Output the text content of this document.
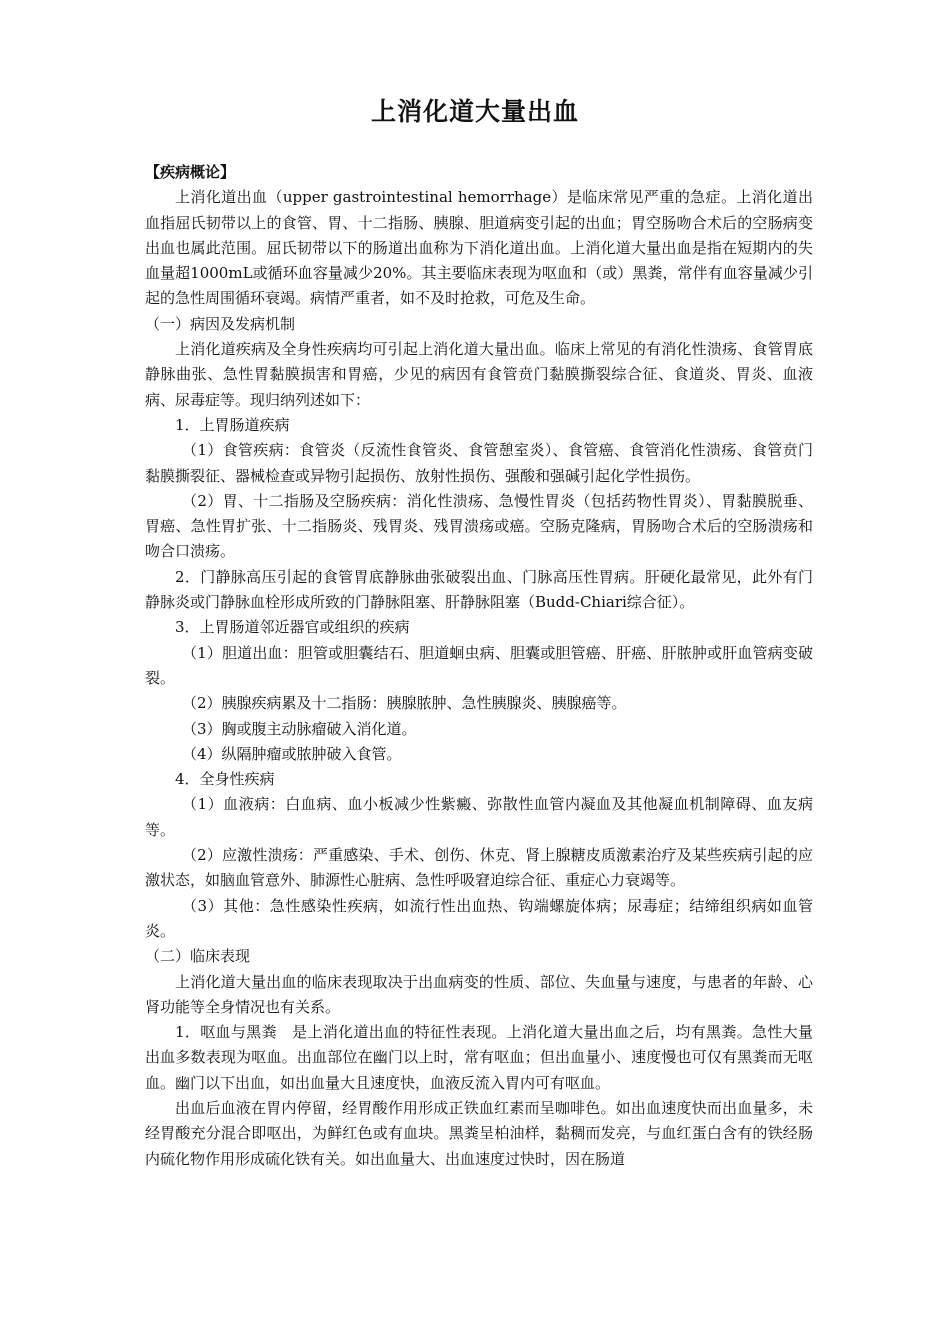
上消化道大量出血

【疾病概论】

上消化道出血（upper gastrointestinal hemorrhage）是临床常见严重的急症。上消化道出血指屈氏韧带以上的食管、胃、十二指肠、胰腺、胆道病变引起的出血；胃空肠吻合术后的空肠病变出血也属此范围。屈氏韧带以下的肠道出血称为下消化道出血。上消化道大量出血是指在短期内的失血量超1000mL或循环血容量减少20%。其主要临床表现为呕血和（或）黑粪，常伴有血容量减少引起的急性周围循环衰竭。病情严重者，如不及时抢救，可危及生命。

（一）病因及发病机制

上消化道疾病及全身性疾病均可引起上消化道大量出血。临床上常见的有消化性溃疡、食管胃底静脉曲张、急性胃黏膜损害和胃癌，少见的病因有食管贲门黏膜撕裂综合征、食道炎、胃炎、血液病、尿毒症等。现归纳列述如下：

1．上胃肠道疾病

（1）食管疾病：食管炎（反流性食管炎、食管憩室炎）、食管癌、食管消化性溃疡、食管贲门黏膜撕裂征、器械检查或异物引起损伤、放射性损伤、强酸和强碱引起化学性损伤。

（2）胃、十二指肠及空肠疾病：消化性溃疡、急慢性胃炎（包括药物性胃炎）、胃黏膜脱垂、胃癌、急性胃扩张、十二指肠炎、残胃炎、残胃溃疡或癌。空肠克隆病，胃肠吻合术后的空肠溃疡和吻合口溃疡。

2．门静脉高压引起的食管胃底静脉曲张破裂出血、门脉高压性胃病。肝硬化最常见，此外有门静脉炎或门静脉血栓形成所致的门静脉阻塞、肝静脉阻塞（Budd-Chiari综合征）。

3．上胃肠道邻近器官或组织的疾病

（1）胆道出血：胆管或胆囊结石、胆道蛔虫病、胆囊或胆管癌、肝癌、肝脓肿或肝血管病变破裂。

（2）胰腺疾病累及十二指肠：胰腺脓肿、急性胰腺炎、胰腺癌等。

（3）胸或腹主动脉瘤破入消化道。

（4）纵隔肿瘤或脓肿破入食管。

4．全身性疾病

（1）血液病：白血病、血小板减少性紫癜、弥散性血管内凝血及其他凝血机制障碍、血友病等。

（2）应激性溃疡：严重感染、手术、创伤、休克、肾上腺糖皮质激素治疗及某些疾病引起的应激状态，如脑血管意外、肺源性心脏病、急性呼吸窘迫综合征、重症心力衰竭等。

（3）其他：急性感染性疾病，如流行性出血热、钩端螺旋体病；尿毒症；结缔组织病如血管炎。

（二）临床表现

上消化道大量出血的临床表现取决于出血病变的性质、部位、失血量与速度，与患者的年龄、心肾功能等全身情况也有关系。

1．呕血与黑粪　是上消化道出血的特征性表现。上消化道大量出血之后，均有黑粪。急性大量出血多数表现为呕血。出血部位在幽门以上时，常有呕血；但出血量小、速度慢也可仅有黑粪而无呕血。幽门以下出血，如出血量大且速度快，血液反流入胃内可有呕血。

出血后血液在胃内停留，经胃酸作用形成正铁血红素而呈咖啡色。如出血速度快而出血量多，未经胃酸充分混合即呕出，为鲜红色或有血块。黑粪呈柏油样，黏稠而发亮，与血红蛋白含有的铁经肠内硫化物作用形成硫化铁有关。如出血量大、出血速度过快时，因在肠道
